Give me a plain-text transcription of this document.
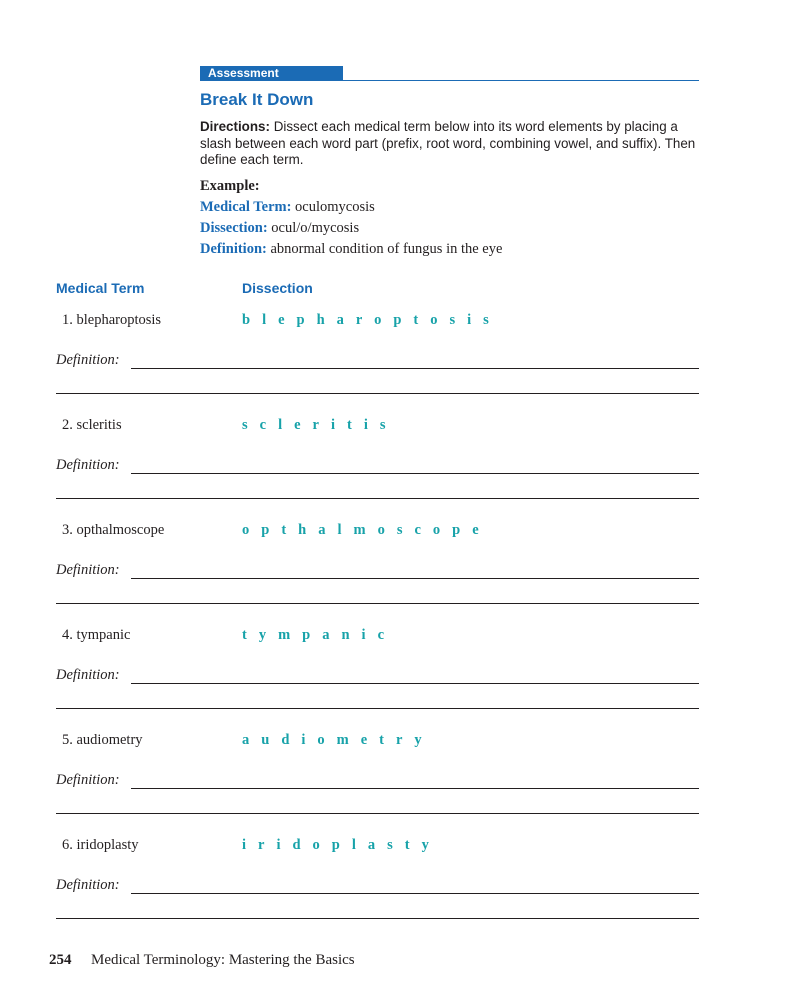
Assessment
Break It Down
Directions: Dissect each medical term below into its word elements by placing a slash between each word part (prefix, root word, combining vowel, and suffix). Then define each term.
Example:
Medical Term: oculomycosis
Dissection: ocul/o/mycosis
Definition: abnormal condition of fungus in the eye
Medical Term	Dissection
1. blepharoptosis	blepharoptosis
Definition:
2. scleritis	scleritis
Definition:
3. opthalmoscope	opthalmoscope
Definition:
4. tympanic	tympanic
Definition:
5. audiometry	audiometry
Definition:
6. iridoplasty	iridoplasty
Definition:
254 Medical Terminology: Mastering the Basics
